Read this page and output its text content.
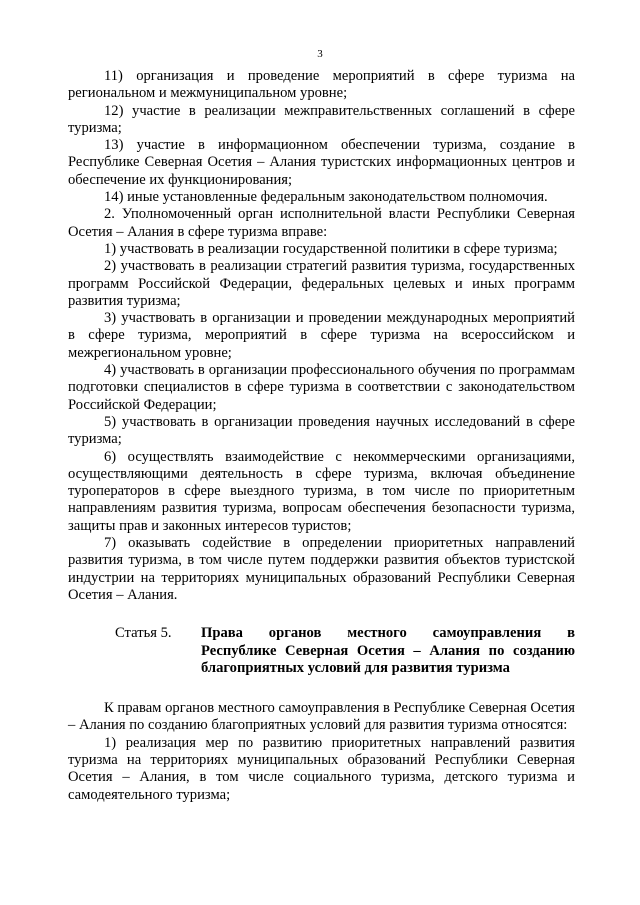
3

11) организация и проведение мероприятий в сфере туризма на региональном и межмуниципальном уровне;

12) участие в реализации межправительственных соглашений в сфере туризма;

13) участие в информационном обеспечении туризма, создание в Республике Северная Осетия – Алания туристских информационных центров и обеспечение их функционирования;

14) иные установленные федеральным законодательством полномочия.

2. Уполномоченный орган исполнительной власти Республики Северная Осетия – Алания в сфере туризма вправе:

1) участвовать в реализации государственной политики в сфере туризма;

2) участвовать в реализации стратегий развития туризма, государственных программ Российской Федерации, федеральных целевых и иных программ развития туризма;

3) участвовать в организации и проведении международных мероприятий в сфере туризма, мероприятий в сфере туризма на всероссийском и межрегиональном уровне;

4) участвовать в организации профессионального обучения по программам подготовки специалистов в сфере туризма в соответствии с законодательством Российской Федерации;

5) участвовать в организации проведения научных исследований в сфере туризма;

6) осуществлять взаимодействие с некоммерческими организациями, осуществляющими деятельность в сфере туризма, включая объединение туроператоров в сфере выездного туризма, в том числе по приоритетным направлениям развития туризма, вопросам обеспечения безопасности туризма, защиты прав и законных интересов туристов;

7) оказывать содействие в определении приоритетных направлений развития туризма, в том числе путем поддержки развития объектов туристской индустрии на территориях муниципальных образований Республики Северная Осетия – Алания.

Статья 5.	Права органов местного самоуправления в
Республике Северная Осетия – Алания по созданию
благоприятных условий для развития туризма

К правам органов местного самоуправления в Республике Северная Осетия – Алания по созданию благоприятных условий для развития туризма относятся:

1) реализация мер по развитию приоритетных направлений развития туризма на территориях муниципальных образований Республики Северная Осетия – Алания, в том числе социального туризма, детского туризма и самодеятельного туризма;
